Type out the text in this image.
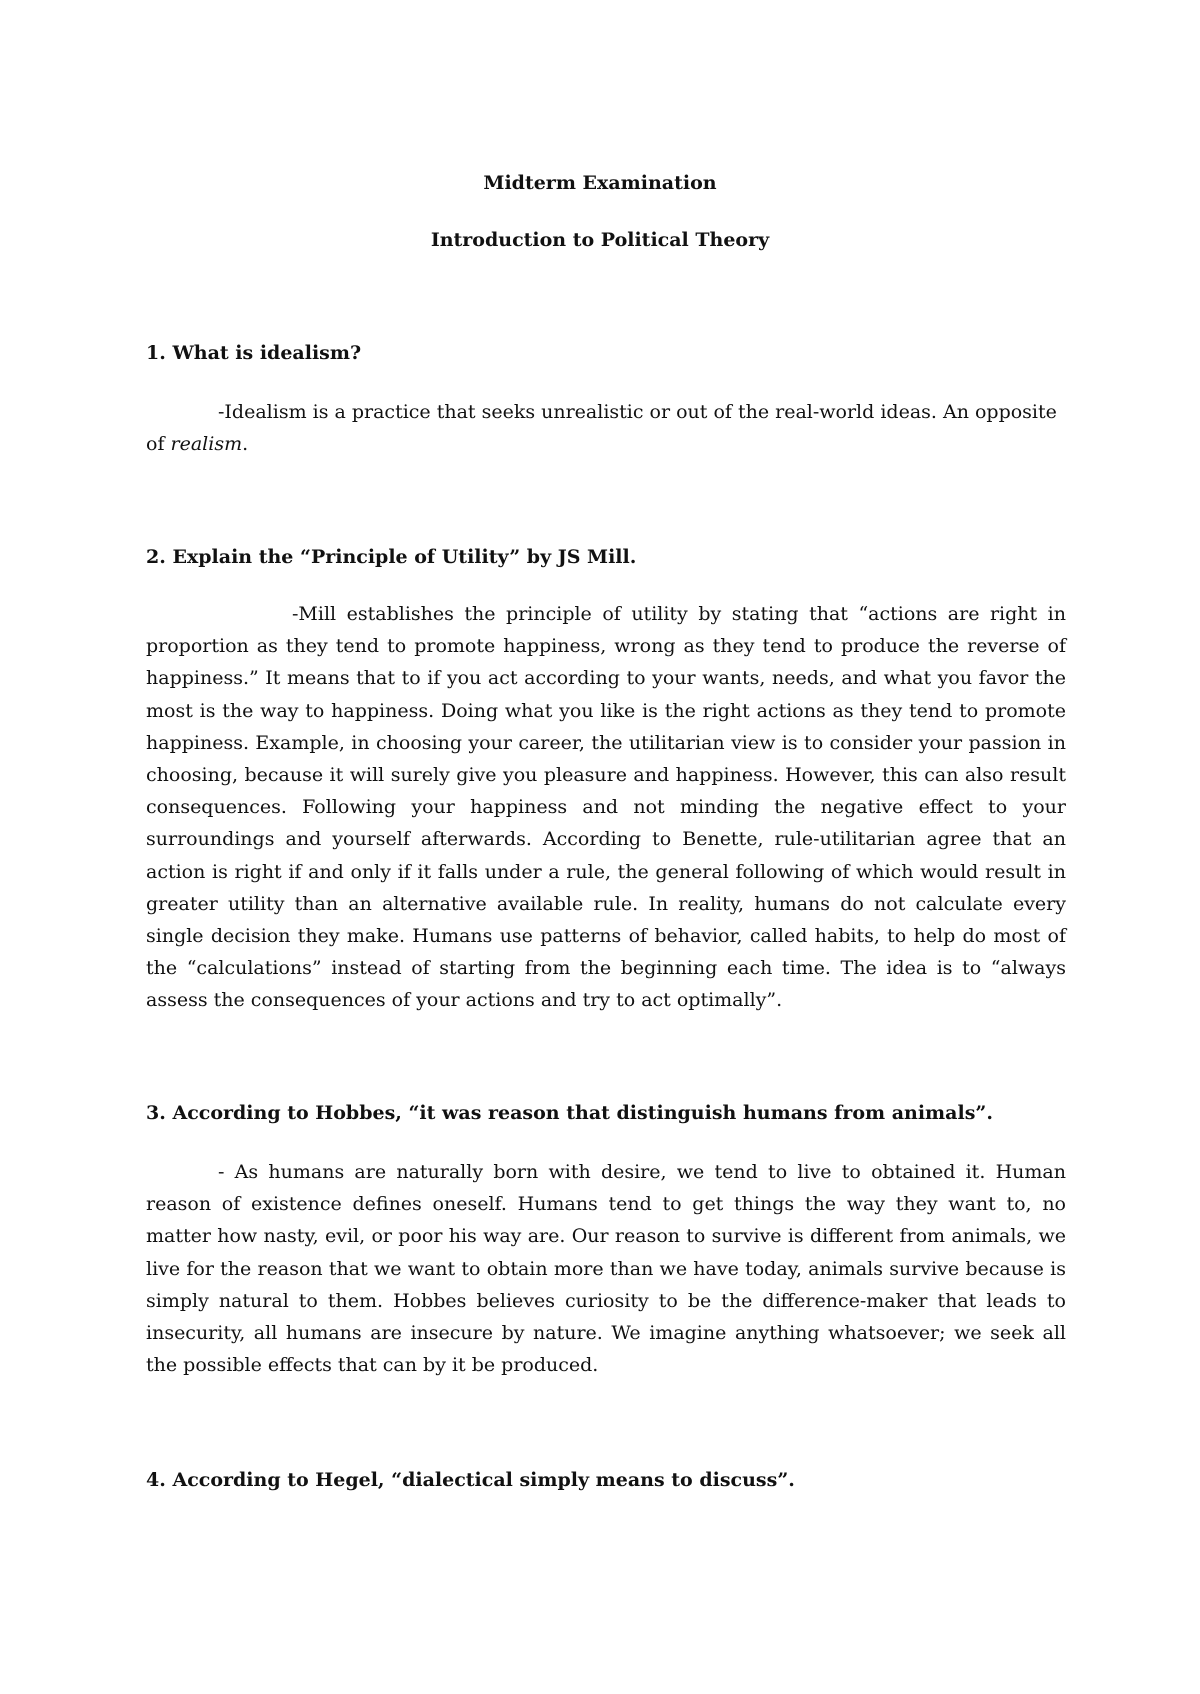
Midterm Examination
Introduction to Political Theory

1. What is idealism?

-Idealism is a practice that seeks unrealistic or out of the real-world ideas. An opposite of realism.

2. Explain the “Principle of Utility” by JS Mill.

-Mill establishes the principle of utility by stating that “actions are right in proportion as they tend to promote happiness, wrong as they tend to produce the reverse of happiness.” It means that to if you act according to your wants, needs, and what you favor the most is the way to happiness. Doing what you like is the right actions as they tend to promote happiness. Example, in choosing your career, the utilitarian view is to consider your passion in choosing, because it will surely give you pleasure and happiness. However, this can also result consequences. Following your happiness and not minding the negative effect to your surroundings and yourself afterwards. According to Benette, rule-utilitarian agree that an action is right if and only if it falls under a rule, the general following of which would result in greater utility than an alternative available rule. In reality, humans do not calculate every single decision they make. Humans use patterns of behavior, called habits, to help do most of the “calculations” instead of starting from the beginning each time. The idea is to “always assess the consequences of your actions and try to act optimally”.

3. According to Hobbes, “it was reason that distinguish humans from animals”.

- As humans are naturally born with desire, we tend to live to obtained it. Human reason of existence defines oneself. Humans tend to get things the way they want to, no matter how nasty, evil, or poor his way are. Our reason to survive is different from animals, we live for the reason that we want to obtain more than we have today, animals survive because is simply natural to them. Hobbes believes curiosity to be the difference-maker that leads to insecurity, all humans are insecure by nature. We imagine anything whatsoever; we seek all the possible effects that can by it be produced.

4. According to Hegel, “dialectical simply means to discuss”.
